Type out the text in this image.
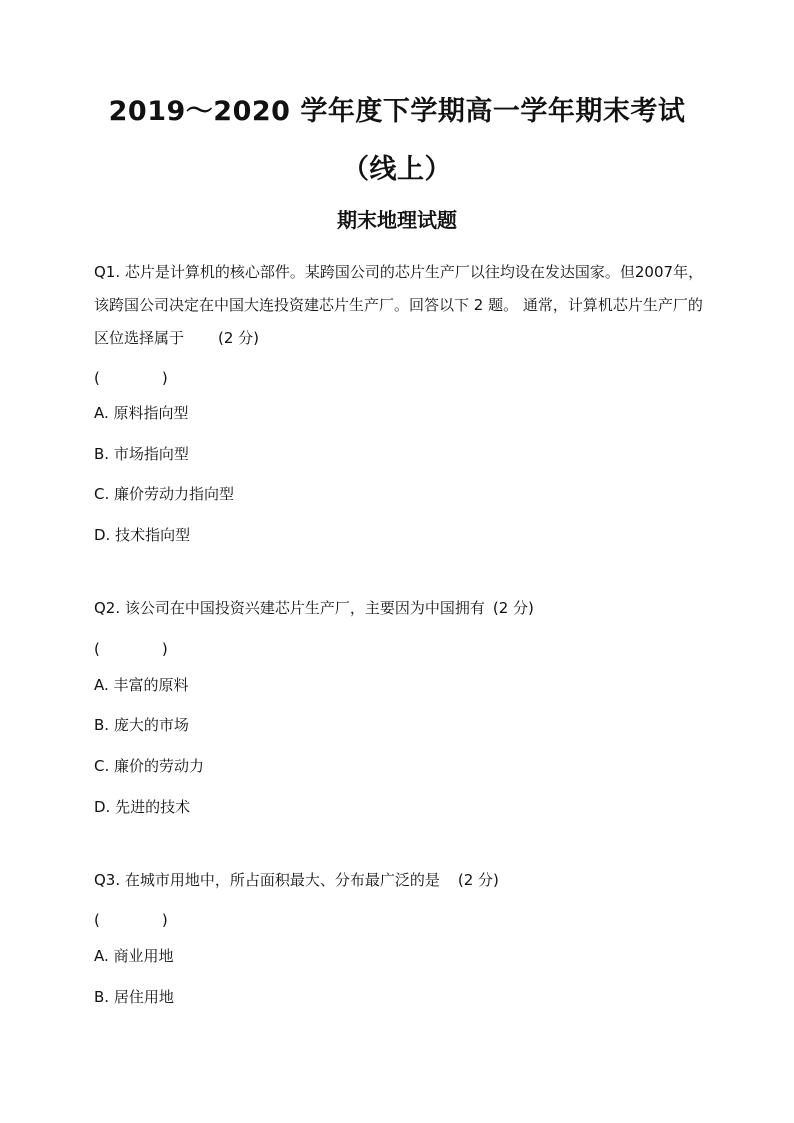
2019～2020 学年度下学期高一学年期末考试（线上）
期末地理试题
Q1. 芯片是计算机的核心部件。某跨国公司的芯片生产厂以往均设在发达国家。但2007年，该跨国公司决定在中国大连投资建芯片生产厂。回答以下 2 题。 通常，计算机芯片生产厂的区位选择属于 (2 分)
(	)
A. 原料指向型
B. 市场指向型
C. 廉价劳动力指向型
D. 技术指向型
Q2. 该公司在中国投资兴建芯片生产厂，主要因为中国拥有 (2 分)
(	)
A. 丰富的原料
B. 庞大的市场
C. 廉价的劳动力
D. 先进的技术
Q3. 在城市用地中，所占面积最大、分布最广泛的是 (2 分)
(	)
A. 商业用地
B. 居住用地
